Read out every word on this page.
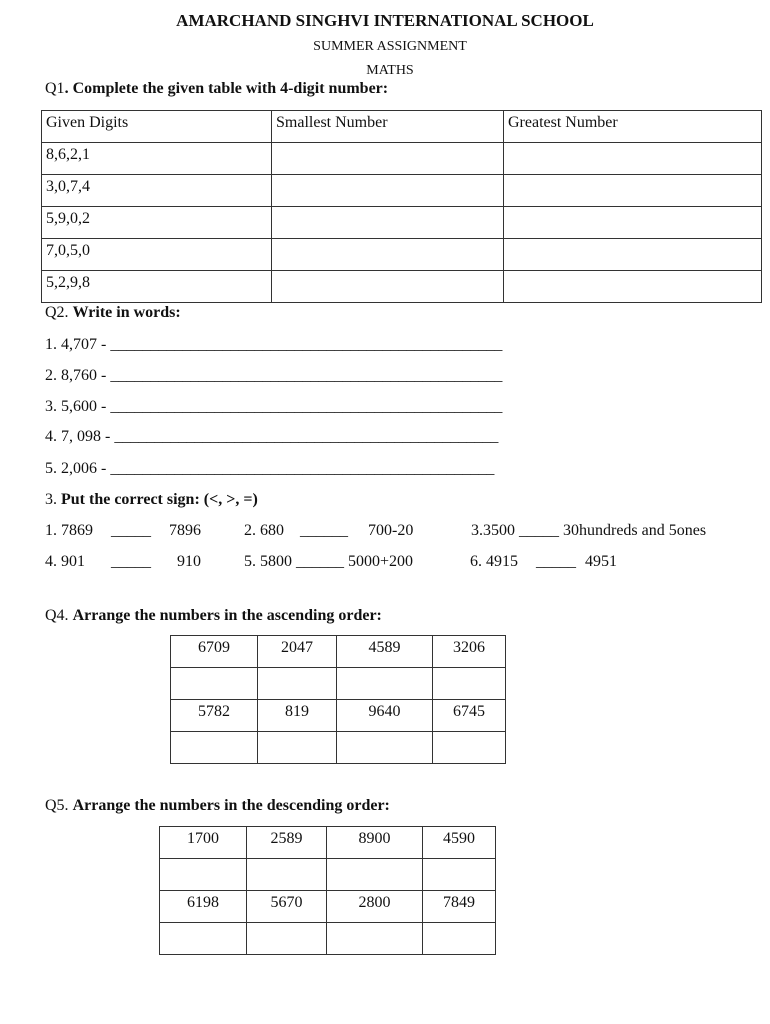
AMARCHAND SINGHVI INTERNATIONAL SCHOOL
SUMMER ASSIGNMENT
MATHS
Q1. Complete the given table with 4-digit number:
Given Digits	Smallest Number	Greatest Number
8,6,2,1		
3,0,7,4		
5,9,0,2		
7,0,5,0		
5,2,9,8		
Q2. Write in words:
1. 4,707 - _________________________________________________
2. 8,760 - _________________________________________________
3. 5,600 - _________________________________________________
4. 7, 098 - ________________________________________________
5. 2,006 - ________________________________________________
3. Put the correct sign: (<, >, =)
1. 7869 _____ 7896	2. 680 ______ 700-20	3.3500 _____ 30hundreds and 5ones
4. 901 _____ 910	5. 5800 ______ 5000+200	6. 4915 _____ 4951
Q4. Arrange the numbers in the ascending order:
6709	2047	4589	3206

5782	819	9640	6745

Q5. Arrange the numbers in the descending order:
1700	2589	8900	4590

6198	5670	2800	7849
